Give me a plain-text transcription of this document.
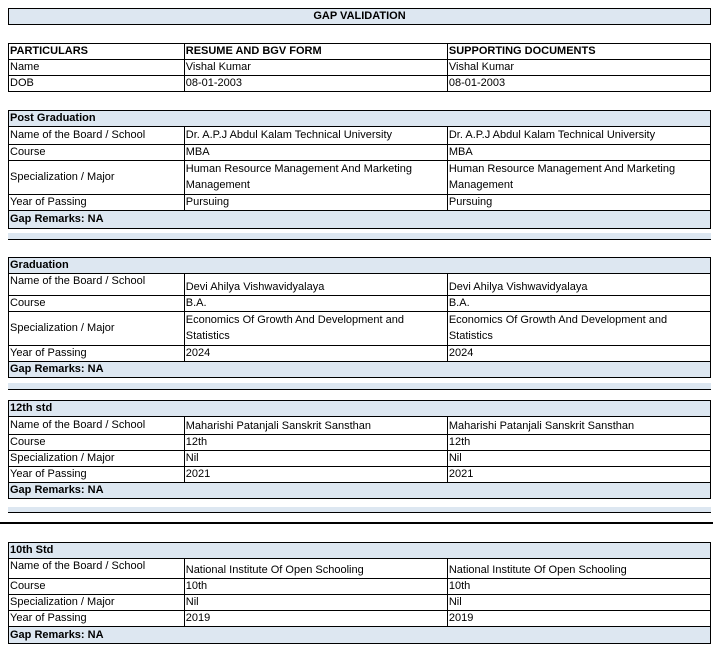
GAP VALIDATION
PARTICULARS	RESUME AND BGV FORM	SUPPORTING DOCUMENTS
Name	Vishal Kumar	Vishal Kumar
DOB	08-01-2003	08-01-2003
Post Graduation		
Name of the Board / School	Dr. A.P.J Abdul Kalam Technical University	Dr. A.P.J Abdul Kalam Technical University
Course	MBA	MBA
Specialization / Major	Human Resource Management And Marketing Management	Human Resource Management And Marketing Management
Year of Passing	Pursuing	Pursuing
Gap Remarks: NA		
Graduation		
Name of the Board / School	Devi Ahilya Vishwavidyalaya	Devi Ahilya Vishwavidyalaya
Course	B.A.	B.A.
Specialization / Major	Economics Of Growth And Development and Statistics	Economics Of Growth And Development and Statistics
Year of Passing	2024	2024
Gap Remarks: NA		
12th std		
Name of the Board / School	Maharishi Patanjali Sanskrit Sansthan	Maharishi Patanjali Sanskrit Sansthan
Course	12th	12th
Specialization / Major	Nil	Nil
Year of Passing	2021	2021
Gap Remarks: NA		
10th Std		
Name of the Board / School	National Institute Of Open Schooling	National Institute Of Open Schooling
Course	10th	10th
Specialization / Major	Nil	Nil
Year of Passing	2019	2019
Gap Remarks: NA		
